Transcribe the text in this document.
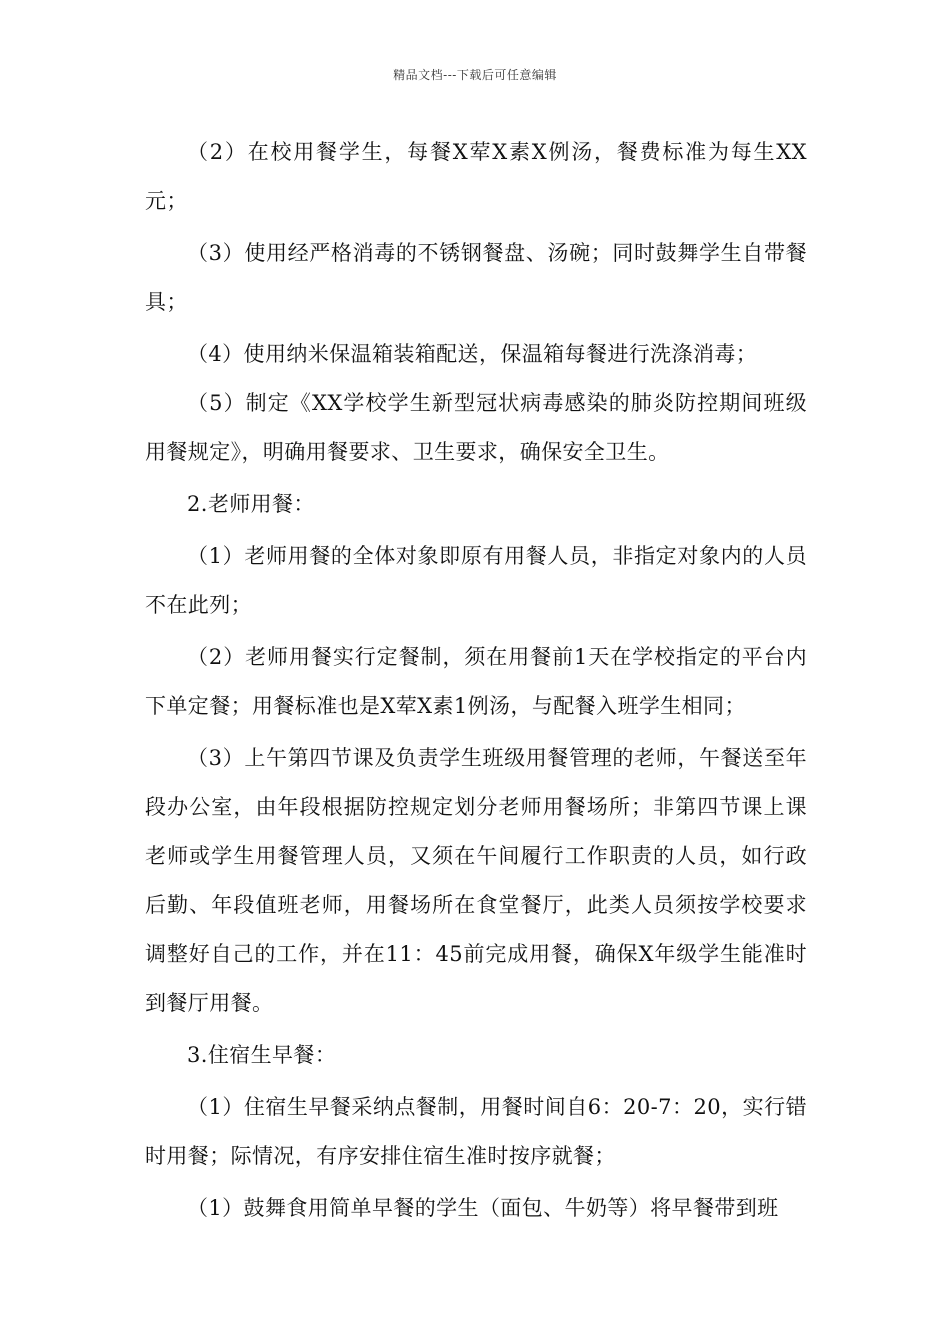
精品文档---下载后可任意编辑

（2）在校用餐学生，每餐X荤X素X例汤，餐费标准为每生XX元；

（3）使用经严格消毒的不锈钢餐盘、汤碗；同时鼓舞学生自带餐具；

（4）使用纳米保温箱装箱配送，保温箱每餐进行洗涤消毒；

（5）制定《XX学校学生新型冠状病毒感染的肺炎防控期间班级用餐规定》，明确用餐要求、卫生要求，确保安全卫生。

2.老师用餐：

（1）老师用餐的全体对象即原有用餐人员，非指定对象内的人员不在此列；

（2）老师用餐实行定餐制，须在用餐前1天在学校指定的平台内下单定餐；用餐标准也是X荤X素1例汤，与配餐入班学生相同；

（3）上午第四节课及负责学生班级用餐管理的老师，午餐送至年段办公室，由年段根据防控规定划分老师用餐场所；非第四节课上课老师或学生用餐管理人员，又须在午间履行工作职责的人员，如行政后勤、年段值班老师，用餐场所在食堂餐厅，此类人员须按学校要求调整好自己的工作，并在11：45前完成用餐，确保X年级学生能准时到餐厅用餐。

3.住宿生早餐：

（1）住宿生早餐采纳点餐制，用餐时间自6：20-7：20，实行错时用餐；际情况，有序安排住宿生准时按序就餐；

（1）鼓舞食用简单早餐的学生（面包、牛奶等）将早餐带到班
